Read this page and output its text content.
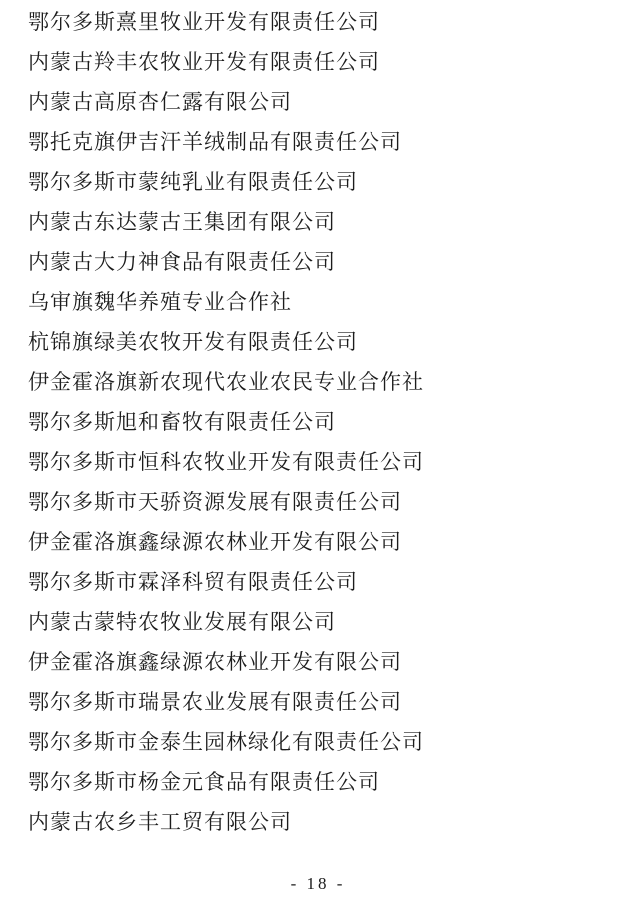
鄂尔多斯熹里牧业开发有限责任公司
内蒙古羚丰农牧业开发有限责任公司
内蒙古高原杏仁露有限公司
鄂托克旗伊吉汗羊绒制品有限责任公司
鄂尔多斯市蒙纯乳业有限责任公司
内蒙古东达蒙古王集团有限公司
内蒙古大力神食品有限责任公司
乌审旗魏华养殖专业合作社
杭锦旗绿美农牧开发有限责任公司
伊金霍洛旗新农现代农业农民专业合作社
鄂尔多斯旭和畜牧有限责任公司
鄂尔多斯市恒科农牧业开发有限责任公司
鄂尔多斯市天骄资源发展有限责任公司
伊金霍洛旗鑫绿源农林业开发有限公司
鄂尔多斯市霖泽科贸有限责任公司
内蒙古蒙特农牧业发展有限公司
伊金霍洛旗鑫绿源农林业开发有限公司
鄂尔多斯市瑞景农业发展有限责任公司
鄂尔多斯市金泰生园林绿化有限责任公司
鄂尔多斯市杨金元食品有限责任公司
内蒙古农乡丰工贸有限公司
- 18 -
